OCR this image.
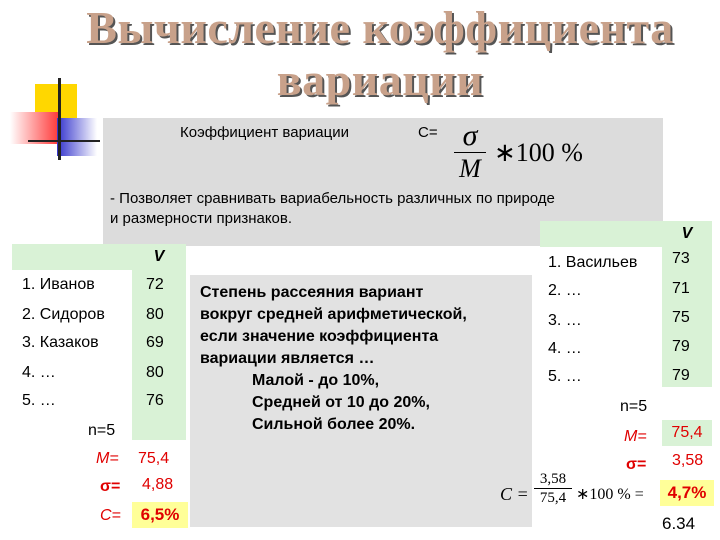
Вычисление коэффициента
вариации
Коэффициент вариации	С= σ
M
∗100 %
- Позволяет сравнивать вариабельность различных по природе
и размерности признаков.
V
1. Иванов	72
2. Сидоров	80
3. Казаков	69
4. …	80
5. …	76
n=5
M= 75,4
σ= 4,88
C= 6,5%
Степень рассеяния вариант
вокруг средней арифметической,
если значение коэффициента
вариации является …
Малой - до 10%,
Средней от 10 до 20%,
Сильной более 20%.
V
1. Васильев 73
2. …	71
3. …	75
4. …	79
5. …	79
n=5
M= 75,4
σ= 3,58
C =
3,58
75,4 ∗100 % = 4,7%
6.34
